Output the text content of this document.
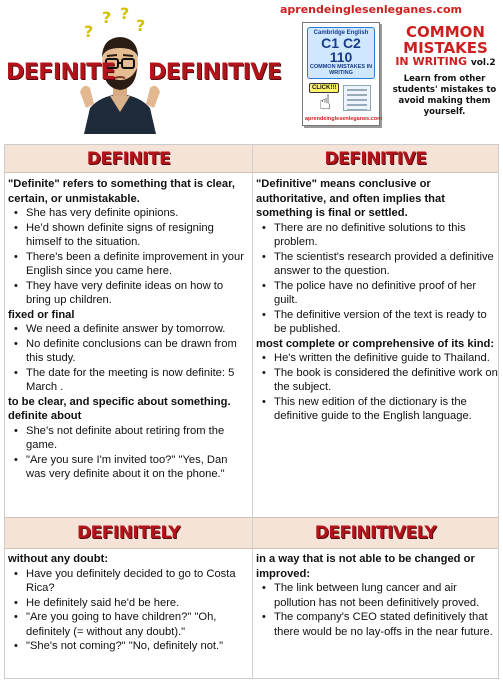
?
? ?
?
DEFINITE DEFINITIVE
aprendeinglesenleganes.com
Cambridge English
C1 C2
110
COMMON MISTAKES IN WRITING
CLICK!!!
☝
aprendeinglesenleganes.com
COMMON MISTAKES
IN WRITING vol.2
Learn from other students' mistakes to avoid making them yourself.
DEFINITE	DEFINITIVE
"Definite" refers to something that is clear, certain, or unmistakable.
• She has very definite opinions.
• He’d shown definite signs of resigning himself to the situation.
• There's been a definite improvement in your English since you came here.
• They have very definite ideas on how to bring up children.
fixed or final
• We need a definite answer by tomorrow.
• No definite conclusions can be drawn from this study.
• The date for the meeting is now definite: 5 March .
to be clear, and specific about something.
definite about
• She’s not definite about retiring from the game.
• "Are you sure I'm invited too?" "Yes, Dan was very definite about it on the phone."
"Definitive" means conclusive or authoritative, and often implies that something is final or settled.
• There are no definitive solutions to this problem.
• The scientist's research provided a definitive answer to the question.
• The police have no definitive proof of her guilt.
• The definitive version of the text is ready to be published.
most complete or comprehensive of its kind:
• He's written the definitive guide to Thailand.
• The book is considered the definitive work on the subject.
• This new edition of the dictionary is the definitive guide to the English language.
DEFINITELY	DEFINITIVELY
without any doubt:
• Have you definitely decided to go to Costa Rica?
• He definitely said he'd be here.
• "Are you going to have children?" "Oh, definitely (= without any doubt)."
• "She's not coming?" "No, definitely not."
in a way that is not able to be changed or improved:
• The link between lung cancer and air pollution has not been definitively proved.
• The company's CEO stated definitively that there would be no lay-offs in the near future.
